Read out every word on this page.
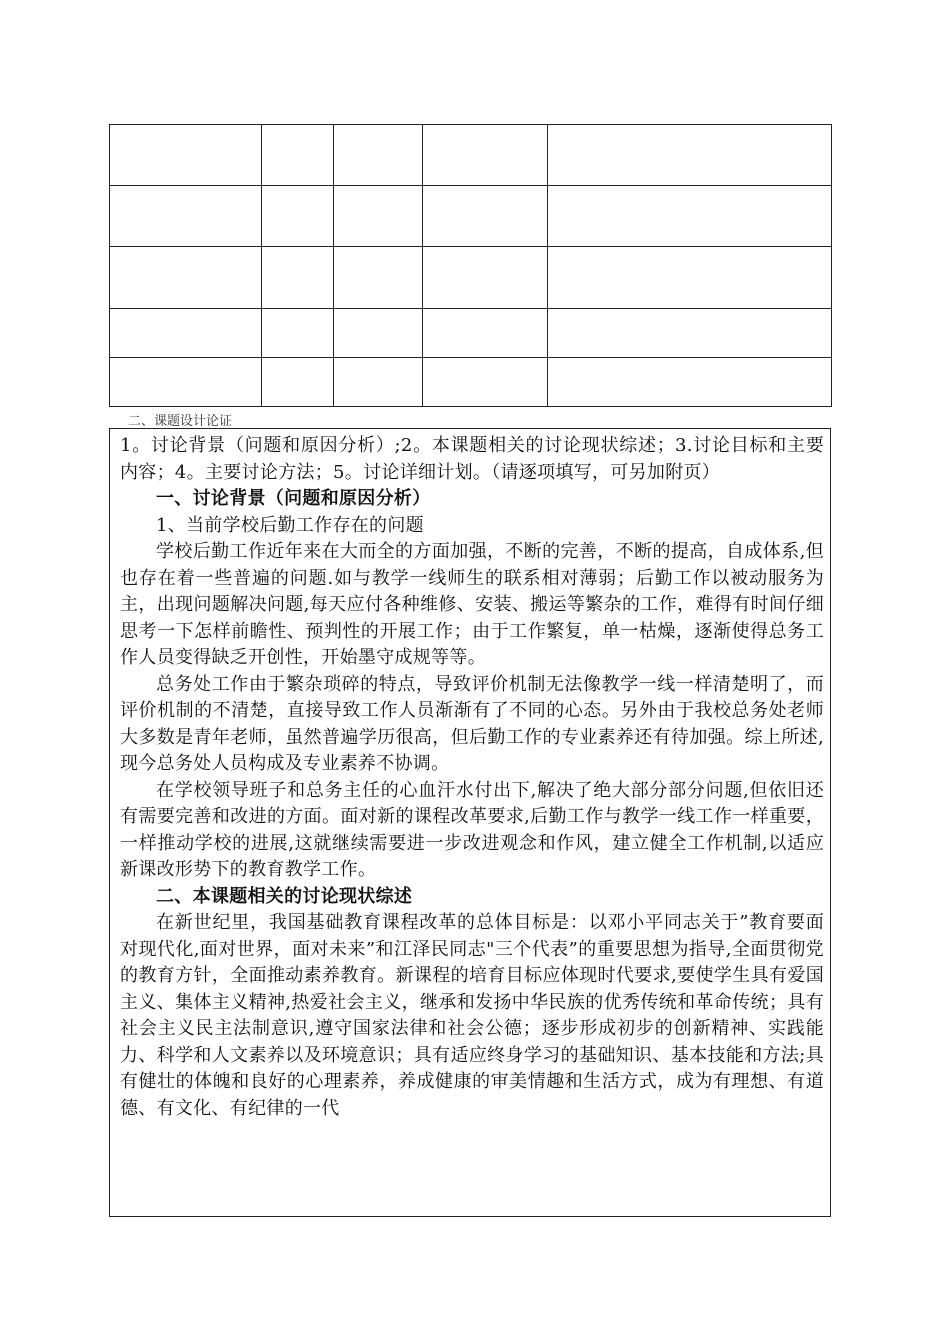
二、课题设计论证

1。讨论背景（问题和原因分析）;2。本课题相关的讨论现状综述；3.讨论目标和主要内容；4。主要讨论方法；5。讨论详细计划。（请逐项填写，可另加附页）

一、讨论背景（问题和原因分析）

1、当前学校后勤工作存在的问题

学校后勤工作近年来在大而全的方面加强，不断的完善，不断的提高，自成体系,但也存在着一些普遍的问题.如与教学一线师生的联系相对薄弱；后勤工作以被动服务为主，出现问题解决问题,每天应付各种维修、安装、搬运等繁杂的工作，难得有时间仔细思考一下怎样前瞻性、预判性的开展工作；由于工作繁复，单一枯燥，逐渐使得总务工作人员变得缺乏开创性，开始墨守成规等等。

总务处工作由于繁杂琐碎的特点，导致评价机制无法像教学一线一样清楚明了，而评价机制的不清楚，直接导致工作人员渐渐有了不同的心态。另外由于我校总务处老师大多数是青年老师，虽然普遍学历很高，但后勤工作的专业素养还有待加强。综上所述,现今总务处人员构成及专业素养不协调。

在学校领导班子和总务主任的心血汗水付出下,解决了绝大部分部分问题,但依旧还有需要完善和改进的方面。面对新的课程改革要求,后勤工作与教学一线工作一样重要，一样推动学校的进展,这就继续需要进一步改进观念和作风，建立健全工作机制,以适应新课改形势下的教育教学工作。

二、本课题相关的讨论现状综述

在新世纪里，我国基础教育课程改革的总体目标是：以邓小平同志关于”教育要面对现代化,面对世界，面对未来”和江泽民同志"三个代表”的重要思想为指导,全面贯彻党的教育方针，全面推动素养教育。新课程的培育目标应体现时代要求,要使学生具有爱国主义、集体主义精神,热爱社会主义，继承和发扬中华民族的优秀传统和革命传统；具有社会主义民主法制意识,遵守国家法律和社会公德；逐步形成初步的创新精神、实践能力、科学和人文素养以及环境意识；具有适应终身学习的基础知识、基本技能和方法;具有健壮的体魄和良好的心理素养，养成健康的审美情趣和生活方式，成为有理想、有道德、有文化、有纪律的一代
